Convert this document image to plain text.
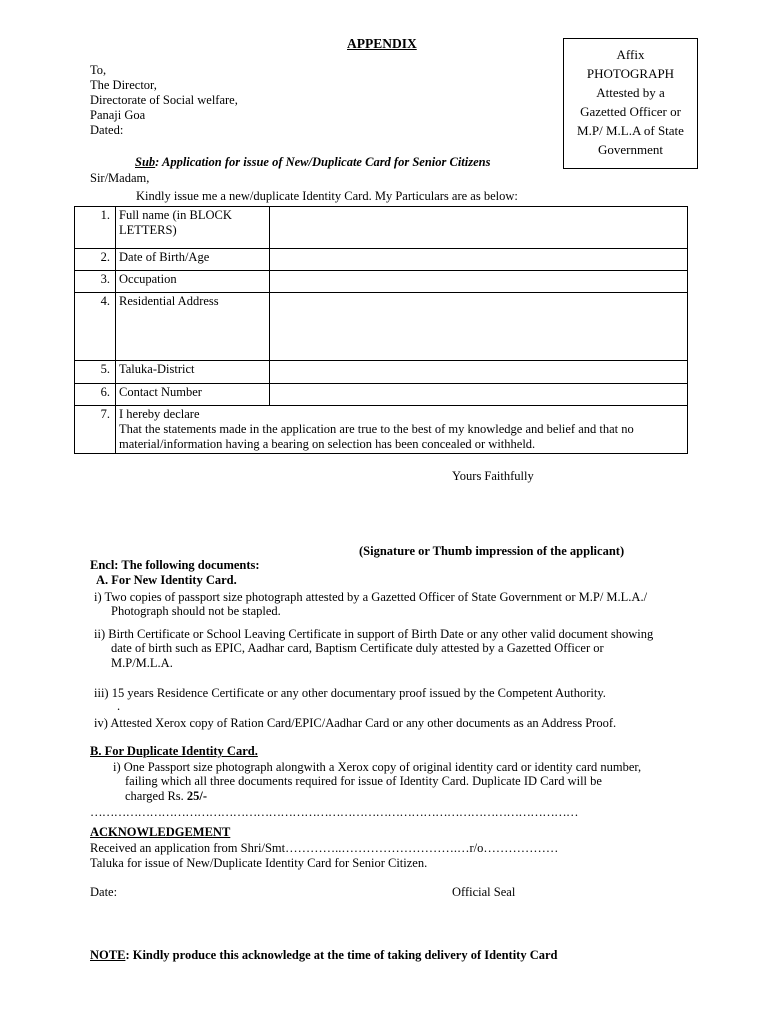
APPENDIX
Affix
PHOTOGRAPH
Attested by a
Gazetted Officer or
M.P/ M.L.A of State
Government
To,
The Director,
Directorate of Social welfare,
Panaji Goa
Dated:
Sub: Application for issue of New/Duplicate Card for Senior Citizens
Sir/Madam,
Kindly issue me a new/duplicate Identity Card. My Particulars are as below:
1.	Full name (in BLOCK LETTERS)	
2.	Date of Birth/Age	
3.	Occupation	
4.	Residential Address	
5.	Taluka-District	
6.	Contact Number	
7.	I hereby declare
That the statements made in the application are true to the best of my knowledge and belief and that no
material/information having a bearing on selection has been concealed or withheld.	
Yours Faithfully
(Signature or Thumb impression of the applicant)
Encl: The following documents:
A. For New Identity Card.
i) Two copies of passport size photograph attested by a Gazetted Officer of State Government or M.P/ M.L.A./
Photograph should not be stapled.
ii) Birth Certificate or School Leaving Certificate in support of Birth Date or any other valid document showing
date of birth such as EPIC, Aadhar card, Baptism Certificate duly attested by a Gazetted Officer or
M.P/M.L.A.
iii) 15 years Residence Certificate or any other documentary proof issued by the Competent Authority.
.
iv) Attested Xerox copy of Ration Card/EPIC/Aadhar Card or any other documents as an Address Proof.
B. For Duplicate Identity Card.
i) One Passport size photograph alongwith a Xerox copy of original identity card or identity card number,
failing which all three documents required for issue of Identity Card. Duplicate ID Card will be
charged Rs. 25/-
……………………………………………………………………………………………………………
ACKNOWLEDGEMENT
Received an application from Shri/Smt…………..……………………….…r/o………………
Taluka for issue of New/Duplicate Identity Card for Senior Citizen.
Date:	Official Seal
NOTE: Kindly produce this acknowledge at the time of taking delivery of Identity Card
